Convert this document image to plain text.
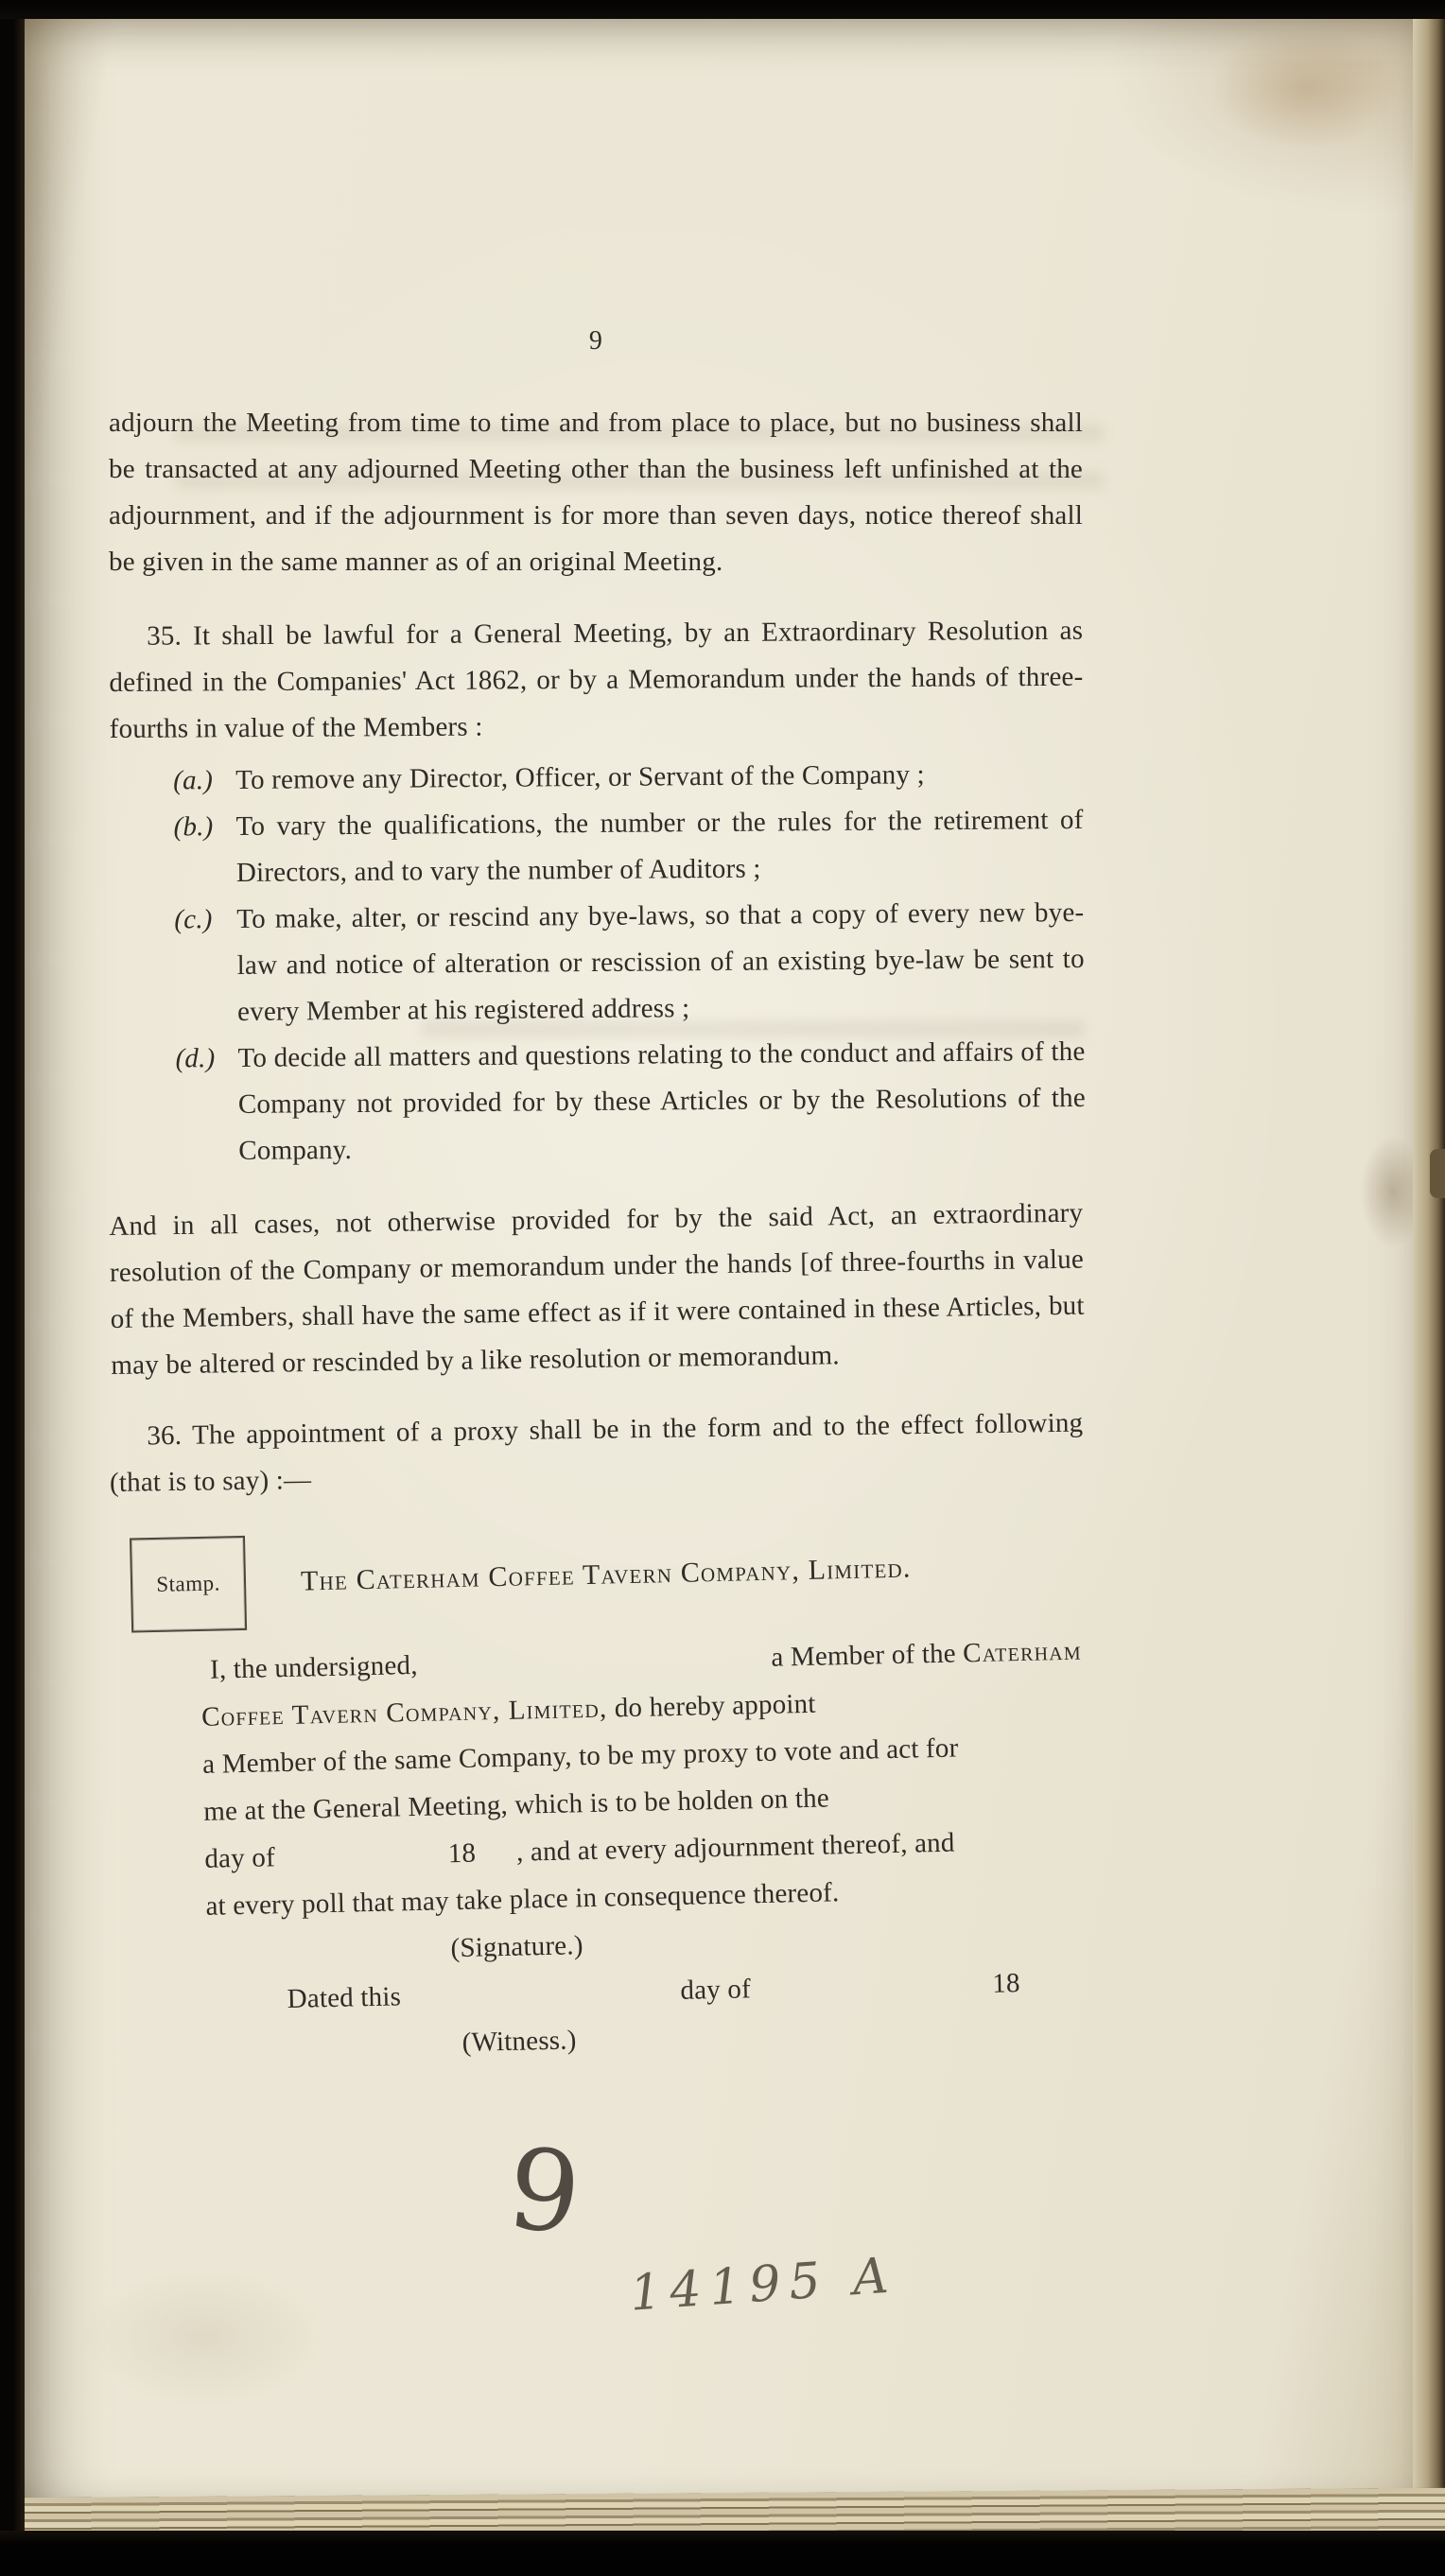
9

adjourn the Meeting from time to time and from place to place, but no business shall be transacted at any adjourned Meeting other than the business left unfinished at the adjournment, and if the adjournment is for more than seven days, notice thereof shall be given in the same manner as of an original Meeting.

35. It shall be lawful for a General Meeting, by an Extraordinary Resolution as defined in the Companies' Act 1862, or by a Memorandum under the hands of three-fourths in value of the Members :

(a.) To remove any Director, Officer, or Servant of the Company ;
(b.) To vary the qualifications, the number or the rules for the retirement of Directors, and to vary the number of Auditors ;
(c.) To make, alter, or rescind any bye-laws, so that a copy of every new bye-law and notice of alteration or rescission of an existing bye-law be sent to every Member at his registered address ;
(d.) To decide all matters and questions relating to the conduct and affairs of the Company not provided for by these Articles or by the Resolutions of the Company.

And in all cases, not otherwise provided for by the said Act, an extraordinary resolution of the Company or memorandum under the hands [of three-fourths in value of the Members, shall have the same effect as if it were contained in these Articles, but may be altered or rescinded by a like resolution or memorandum.

36. The appointment of a proxy shall be in the form and to the effect following (that is to say) :—

Stamp.	The Caterham Coffee Tavern Company, Limited.
I, the undersigned,	a Member of the Caterham
Coffee Tavern Company, Limited, do hereby appoint
a Member of the same Company, to be my proxy to vote and act for
me at the General Meeting, which is to be holden on the
day of	18 , and at every adjournment thereof, and
at every poll that may take place in consequence thereof.
(Signature.)
Dated this	day of	18
(Witness.)
9
14195 A
